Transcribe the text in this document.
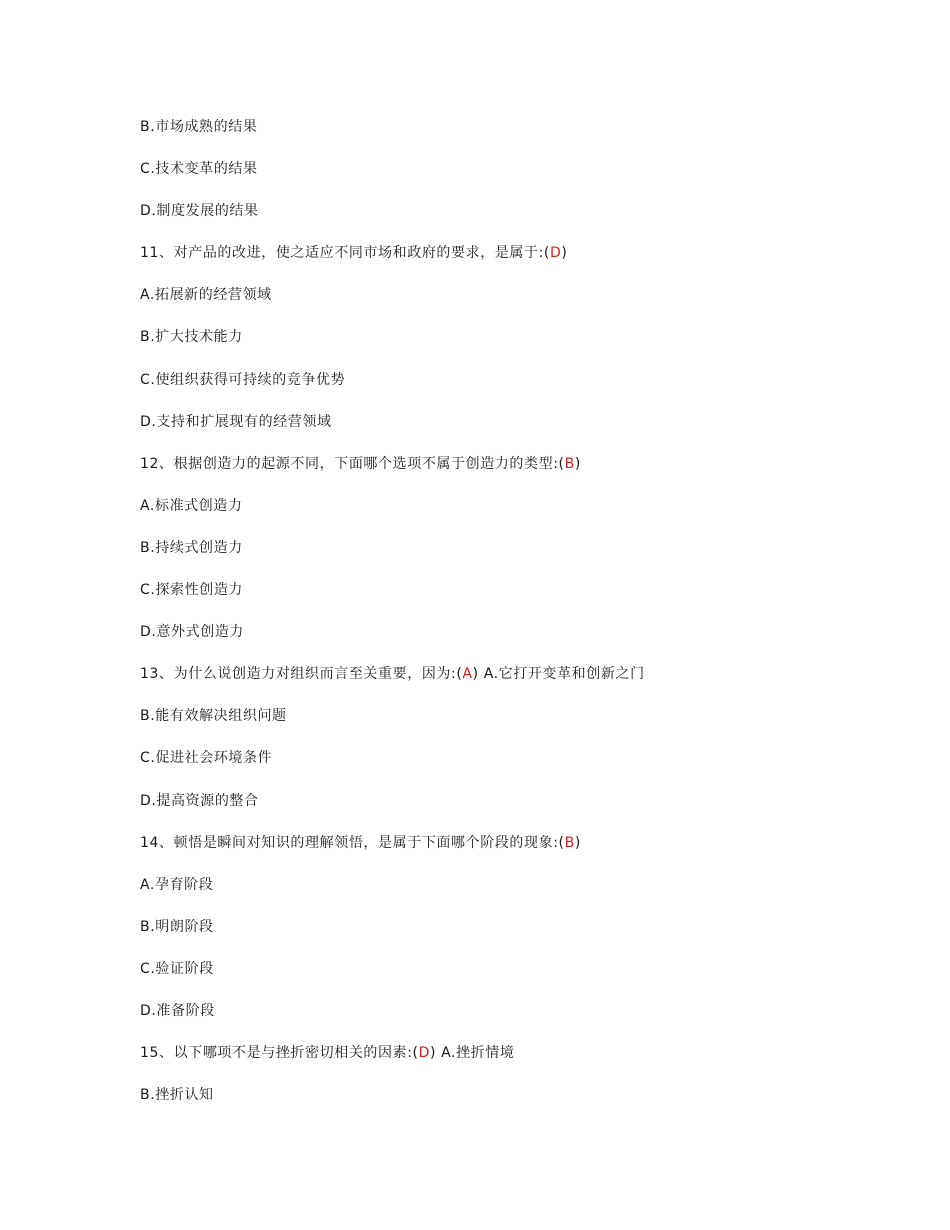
B.市场成熟的结果
C.技术变革的结果
D.制度发展的结果
11、对产品的改进，使之适应不同市场和政府的要求，是属于:(D)
A.拓展新的经营领域
B.扩大技术能力
C.使组织获得可持续的竞争优势
D.支持和扩展现有的经营领域
12、根据创造力的起源不同，下面哪个选项不属于创造力的类型:(B)
A.标准式创造力
B.持续式创造力
C.探索性创造力
D.意外式创造力
13、为什么说创造力对组织而言至关重要，因为:(A) A.它打开变革和创新之门
B.能有效解决组织问题
C.促进社会环境条件
D.提高资源的整合
14、顿悟是瞬间对知识的理解领悟，是属于下面哪个阶段的现象:(B)
A.孕育阶段
B.明朗阶段
C.验证阶段
D.准备阶段
15、以下哪项不是与挫折密切相关的因素:(D) A.挫折情境
B.挫折认知
